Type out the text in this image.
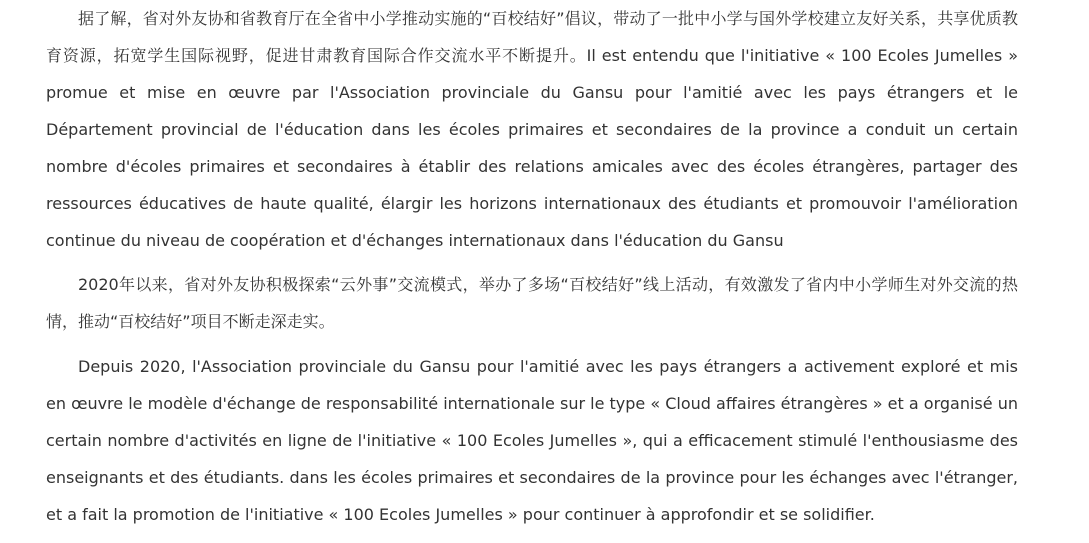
据了解，省对外友协和省教育厅在全省中小学推动实施的“百校结好”倡议，带动了一批中小学与国外学校建立友好关系，共享优质教育资源，拓宽学生国际视野，促进甘肃教育国际合作交流水平不断提升。Il est entendu que l'initiative « 100 Ecoles Jumelles » promue et mise en œuvre par l'Association provinciale du Gansu pour l'amitié avec les pays étrangers et le Département provincial de l'éducation dans les écoles primaires et secondaires de la province a conduit un certain nombre d'écoles primaires et secondaires à établir des relations amicales avec des écoles étrangères, partager des ressources éducatives de haute qualité, élargir les horizons internationaux des étudiants et promouvoir l'amélioration continue du niveau de coopération et d'échanges internationaux dans l'éducation du Gansu

2020年以来，省对外友协积极探索“云外事”交流模式，举办了多场“百校结好”线上活动，有效激发了省内中小学师生对外交流的热情，推动“百校结好”项目不断走深走实。

Depuis 2020, l'Association provinciale du Gansu pour l'amitié avec les pays étrangers a activement exploré et mis en œuvre le modèle d'échange de responsabilité internationale sur le type « Cloud affaires étrangères » et a organisé un certain nombre d'activités en ligne de l'initiative « 100 Ecoles Jumelles », qui a efficacement stimulé l'enthousiasme des enseignants et des étudiants. dans les écoles primaires et secondaires de la province pour les échanges avec l'étranger, et a fait la promotion de l'initiative « 100 Ecoles Jumelles » pour continuer à approfondir et se solidifier.
